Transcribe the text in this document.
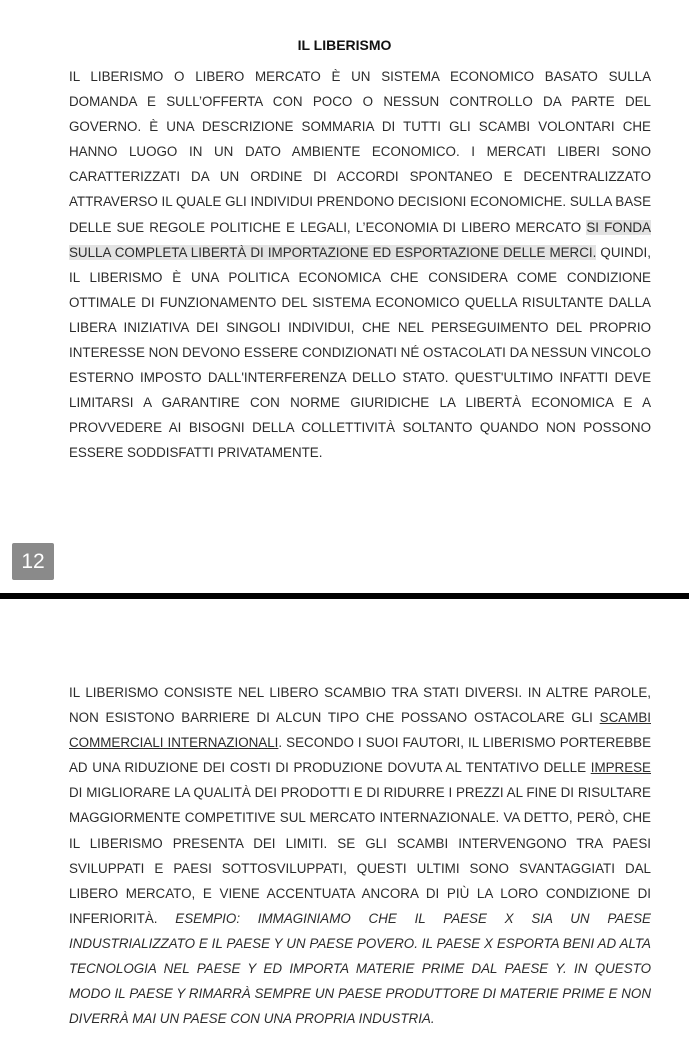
IL LIBERISMO

IL LIBERISMO O LIBERO MERCATO È UN SISTEMA ECONOMICO BASATO SULLA DOMANDA E SULL’OFFERTA CON POCO O NESSUN CONTROLLO DA PARTE DEL GOVERNO. È UNA DESCRIZIONE SOMMARIA DI TUTTI GLI SCAMBI VOLONTARI CHE HANNO LUOGO IN UN DATO AMBIENTE ECONOMICO. I MERCATI LIBERI SONO CARATTERIZZATI DA UN ORDINE DI ACCORDI SPONTANEO E DECENTRALIZZATO ATTRAVERSO IL QUALE GLI INDIVIDUI PRENDONO DECISIONI ECONOMICHE. SULLA BASE DELLE SUE REGOLE POLITICHE E LEGALI, L’ECONOMIA DI LIBERO MERCATO SI FONDA SULLA COMPLETA LIBERTÀ DI IMPORTAZIONE ED ESPORTAZIONE DELLE MERCI. QUINDI, IL LIBERISMO È UNA POLITICA ECONOMICA CHE CONSIDERA COME CONDIZIONE OTTIMALE DI FUNZIONAMENTO DEL SISTEMA ECONOMICO QUELLA RISULTANTE DALLA LIBERA INIZIATIVA DEI SINGOLI INDIVIDUI, CHE NEL PERSEGUIMENTO DEL PROPRIO INTERESSE NON DEVONO ESSERE CONDIZIONATI NÉ OSTACOLATI DA NESSUN VINCOLO ESTERNO IMPOSTO DALL'INTERFERENZA DELLO STATO. QUEST'ULTIMO INFATTI DEVE LIMITARSI A GARANTIRE CON NORME GIURIDICHE LA LIBERTÀ ECONOMICA E A PROVVEDERE AI BISOGNI DELLA COLLETTIVITÀ SOLTANTO QUANDO NON POSSONO ESSERE SODDISFATTI PRIVATAMENTE.

12

IL LIBERISMO CONSISTE NEL LIBERO SCAMBIO TRA STATI DIVERSI. IN ALTRE PAROLE, NON ESISTONO BARRIERE DI ALCUN TIPO CHE POSSANO OSTACOLARE GLI SCAMBI COMMERCIALI INTERNAZIONALI. SECONDO I SUOI FAUTORI, IL LIBERISMO PORTEREBBE AD UNA RIDUZIONE DEI COSTI DI PRODUZIONE DOVUTA AL TENTATIVO DELLE IMPRESE DI MIGLIORARE LA QUALITÀ DEI PRODOTTI E DI RIDURRE I PREZZI AL FINE DI RISULTARE MAGGIORMENTE COMPETITIVE SUL MERCATO INTERNAZIONALE. VA DETTO, PERÒ, CHE IL LIBERISMO PRESENTA DEI LIMITI. SE GLI SCAMBI INTERVENGONO TRA PAESI SVILUPPATI E PAESI SOTTOSVILUPPATI, QUESTI ULTIMI SONO SVANTAGGIATI DAL LIBERO MERCATO, E VIENE ACCENTUATA ANCORA DI PIÙ LA LORO CONDIZIONE DI INFERIORITÀ. ESEMPIO: IMMAGINIAMO CHE IL PAESE X SIA UN PAESE INDUSTRIALIZZATO E IL PAESE Y UN PAESE POVERO. IL PAESE X ESPORTA BENI AD ALTA TECNOLOGIA NEL PAESE Y ED IMPORTA MATERIE PRIME DAL PAESE Y. IN QUESTO MODO IL PAESE Y RIMARRÀ SEMPRE UN PAESE PRODUTTORE DI MATERIE PRIME E NON DIVERRÀ MAI UN PAESE CON UNA PROPRIA INDUSTRIA.
